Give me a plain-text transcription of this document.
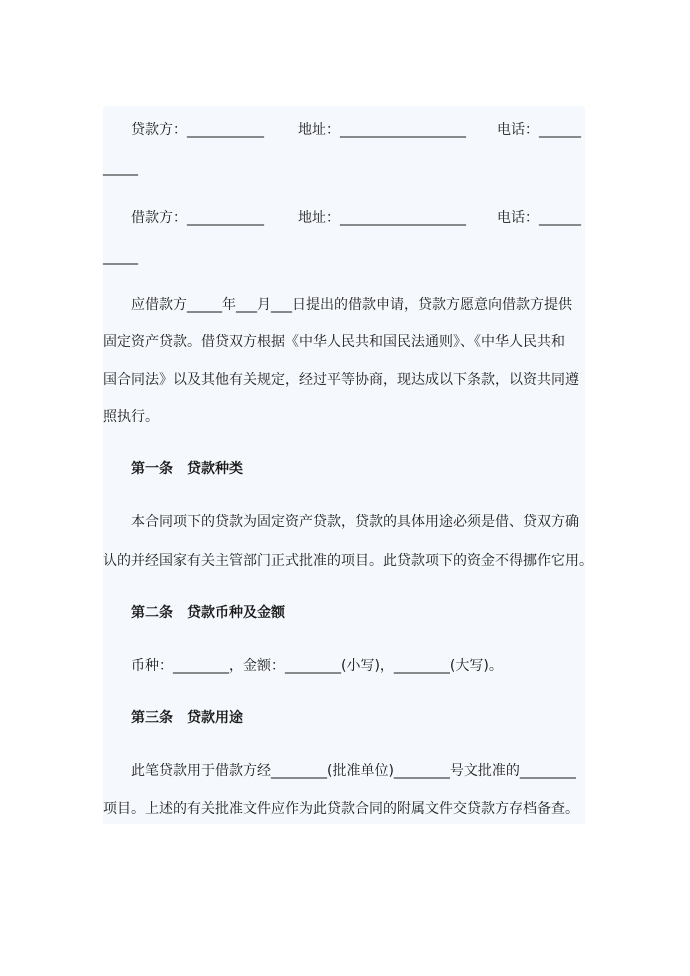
贷款方：___________ 地址：__________________ 电话：______
_____
借款方：___________ 地址：__________________ 电话：______
_____
应借款方_____年___月___日提出的借款申请，贷款方愿意向借款方提供
固定资产贷款。借贷双方根据《中华人民共和国民法通则》、《中华人民共和
国合同法》以及其他有关规定，经过平等协商，现达成以下条款，以资共同遵
照执行。
第一条　贷款种类
本合同项下的贷款为固定资产贷款，贷款的具体用途必须是借、贷双方确
认的并经国家有关主管部门正式批准的项目。此贷款项下的资金不得挪作它用。
第二条　贷款币种及金额
币种：________，金额：________(小写)，________(大写)。
第三条　贷款用途
此笔贷款用于借款方经________(批准单位)________号文批准的________
项目。上述的有关批准文件应作为此贷款合同的附属文件交贷款方存档备查。
